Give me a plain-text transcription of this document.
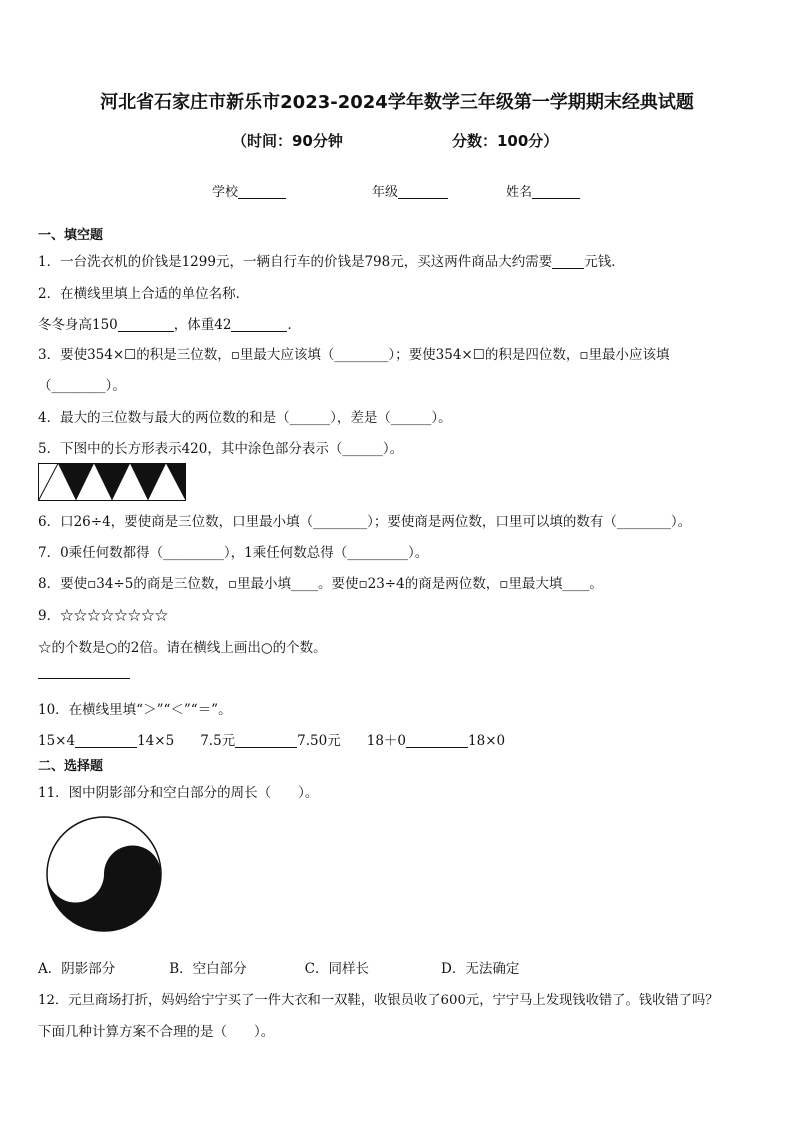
河北省石家庄市新乐市2023-2024学年数学三年级第一学期期末经典试题
（时间：90分钟	分数：100分）
学校	年级	姓名
一、填空题
1．一台洗衣机的价钱是1299元，一辆自行车的价钱是798元，买这两件商品大约需要 元钱．
2．在横线里填上合适的单位名称．
冬冬身高150	，体重42	．
3．要使354×☐的积是三位数，▫里最大应该填（________）；要使354×☐的积是四位数，▫里最小应该填
（________）。
4．最大的三位数与最大的两位数的和是（______），差是（______）。
5．下图中的长方形表示420，其中涂色部分表示（______）。
6．口26÷4，要使商是三位数，口里最小填（________）；要使商是两位数，口里可以填的数有（________）。
7．0乘任何数都得（_________），1乘任何数总得（_________）。
8．要使▫34÷5的商是三位数，▫里最小填____。要使▫23÷4的商是两位数，▫里最大填____。
9．☆☆☆☆☆☆☆☆
☆的个数是○的2倍。请在横线上画出○的个数。
10．在横线里填“＞”“＜”“＝”。
15×4	14×5 7.5元	7.50元 18＋0	18×0
二、选择题
11．图中阴影部分和空白部分的周长（　　）。
A．阴影部分	B．空白部分	C．同样长	D．无法确定
12．元旦商场打折，妈妈给宁宁买了一件大衣和一双鞋，收银员收了600元，宁宁马上发现钱收错了。钱收错了吗？
下面几种计算方案不合理的是（　　）。
